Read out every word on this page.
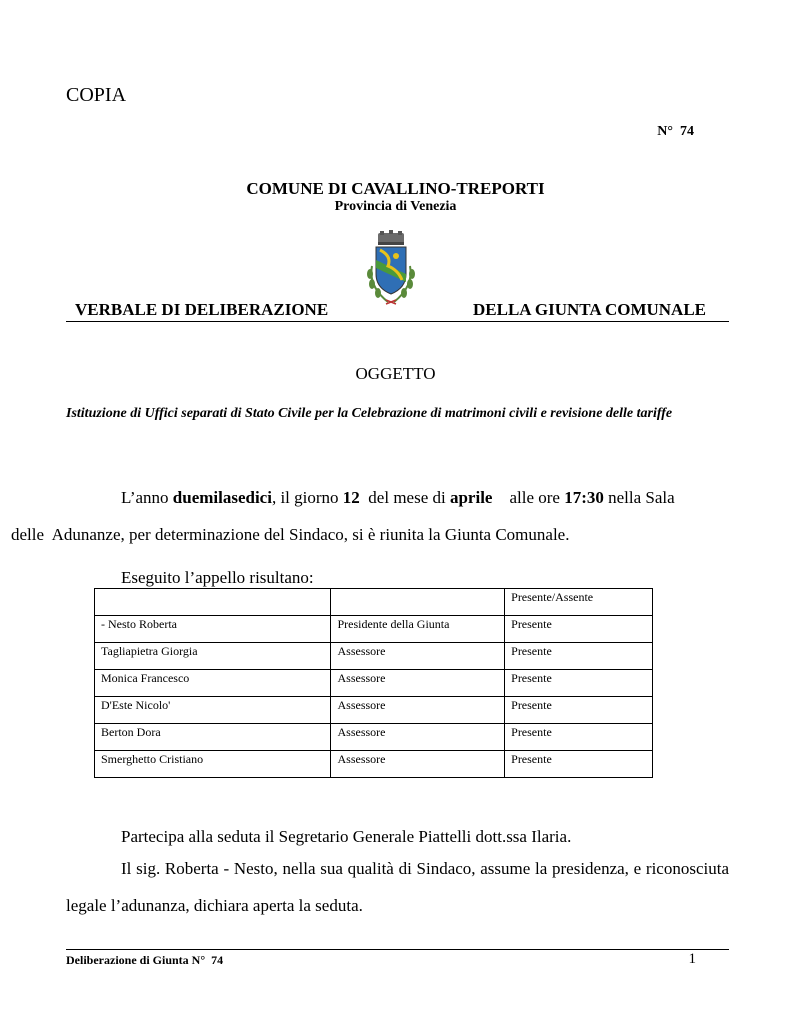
COPIA
N°  74
COMUNE DI CAVALLINO-TREPORTI
Provincia di Venezia
VERBALE DI DELIBERAZIONE	DELLA GIUNTA COMUNALE
OGGETTO
Istituzione di Uffici separati di Stato Civile per la Celebrazione di matrimoni civili e revisione delle tariffe
L’anno duemilasedici, il giorno 12  del mese di aprile    alle ore 17:30 nella Sala
delle  Adunanze, per determinazione del Sindaco, si è riunita la Giunta Comunale.
Eseguito l’appello risultano:
		Presente/Assente
- Nesto Roberta	Presidente della Giunta	Presente
Tagliapietra Giorgia	Assessore	Presente
Monica Francesco	Assessore	Presente
D'Este Nicolo'	Assessore	Presente
Berton Dora	Assessore	Presente
Smerghetto Cristiano	Assessore	Presente
Partecipa alla seduta il Segretario Generale Piattelli dott.ssa Ilaria.
Il sig. Roberta - Nesto, nella sua qualità di Sindaco, assume la presidenza, e riconosciuta legale l’adunanza, dichiara aperta la seduta.
Deliberazione di Giunta N°  74	1
